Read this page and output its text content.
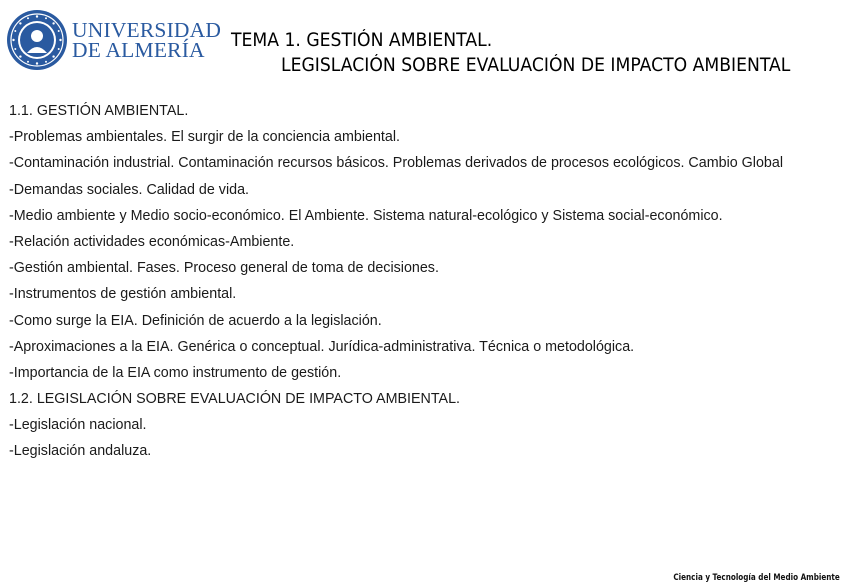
UNIVERSIDAD
DE ALMERÍA	TEMA 1. GESTIÓN AMBIENTAL.
LEGISLACIÓN SOBRE EVALUACIÓN DE IMPACTO AMBIENTAL
1.1. GESTIÓN AMBIENTAL.
-Problemas ambientales. El surgir de la conciencia ambiental.
-Contaminación industrial. Contaminación recursos básicos. Problemas derivados de procesos ecológicos. Cambio Global
-Demandas sociales. Calidad de vida.
-Medio ambiente y Medio socio-económico. El Ambiente. Sistema natural-ecológico y Sistema social-económico.
-Relación actividades económicas-Ambiente.
-Gestión ambiental. Fases. Proceso general de toma de decisiones.
-Instrumentos de gestión ambiental.
-Como surge la EIA. Definición de acuerdo a la legislación.
-Aproximaciones a la EIA. Genérica o conceptual. Jurídica-administrativa. Técnica o metodológica.
-Importancia de la EIA como instrumento de gestión.
1.2. LEGISLACIÓN SOBRE EVALUACIÓN DE IMPACTO AMBIENTAL.
-Legislación nacional.
-Legislación andaluza.
Ciencia y Tecnología del Medio Ambiente
